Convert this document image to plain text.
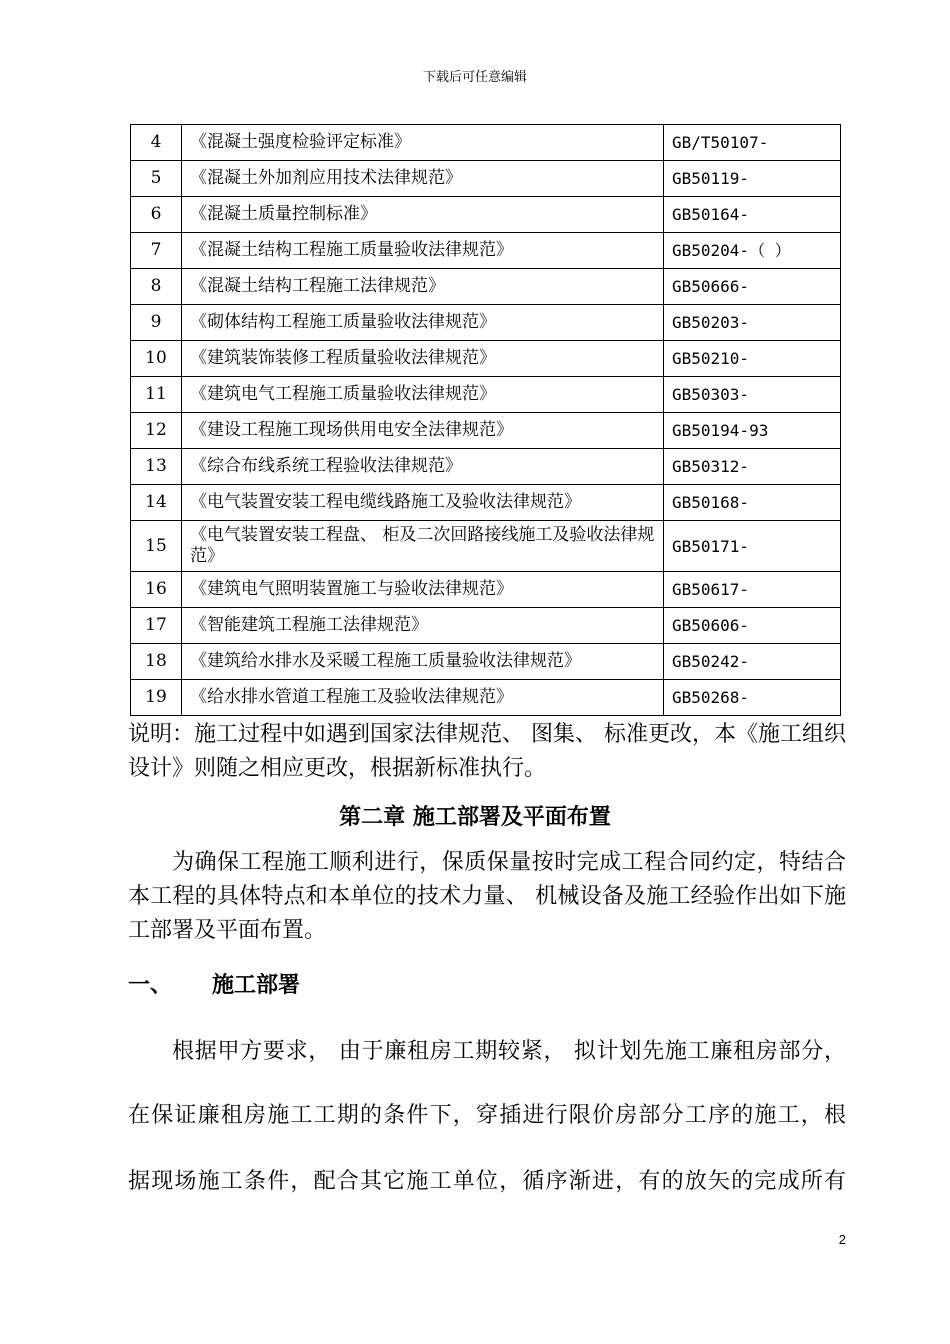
下载后可任意编辑
4	《混凝土强度检验评定标准》	GB/T50107-
5	《混凝土外加剂应用技术法律规范》	GB50119-
6	《混凝土质量控制标准》	GB50164-
7	《混凝土结构工程施工质量验收法律规范》	GB50204-（ ）
8	《混凝土结构工程施工法律规范》	GB50666-
9	《砌体结构工程施工质量验收法律规范》	GB50203-
10	《建筑装饰装修工程质量验收法律规范》	GB50210-
11	《建筑电气工程施工质量验收法律规范》	GB50303-
12	《建设工程施工现场供用电安全法律规范》	GB50194-93
13	《综合布线系统工程验收法律规范》	GB50312-
14	《电气装置安装工程电缆线路施工及验收法律规范》	GB50168-
15	《电气装置安装工程盘、 柜及二次回路接线施工及验收法律规范》	GB50171-
16	《建筑电气照明装置施工与验收法律规范》	GB50617-
17	《智能建筑工程施工法律规范》	GB50606-
18	《建筑给水排水及采暖工程施工质量验收法律规范》	GB50242-
19	《给水排水管道工程施工及验收法律规范》	GB50268-
说明：施工过程中如遇到国家法律规范、 图集、 标准更改，本《施工组织设计》则随之相应更改，根据新标准执行。
第二章 施工部署及平面布置
为确保工程施工顺利进行，保质保量按时完成工程合同约定，特结合本工程的具体特点和本单位的技术力量、 机械设备及施工经验作出如下施工部署及平面布置。
一、 施工部署
根据甲方要求， 由于廉租房工期较紧， 拟计划先施工廉租房部分，
在保证廉租房施工工期的条件下，穿插进行限价房部分工序的施工，根
据现场施工条件，配合其它施工单位，循序渐进，有的放矢的完成所有
2
